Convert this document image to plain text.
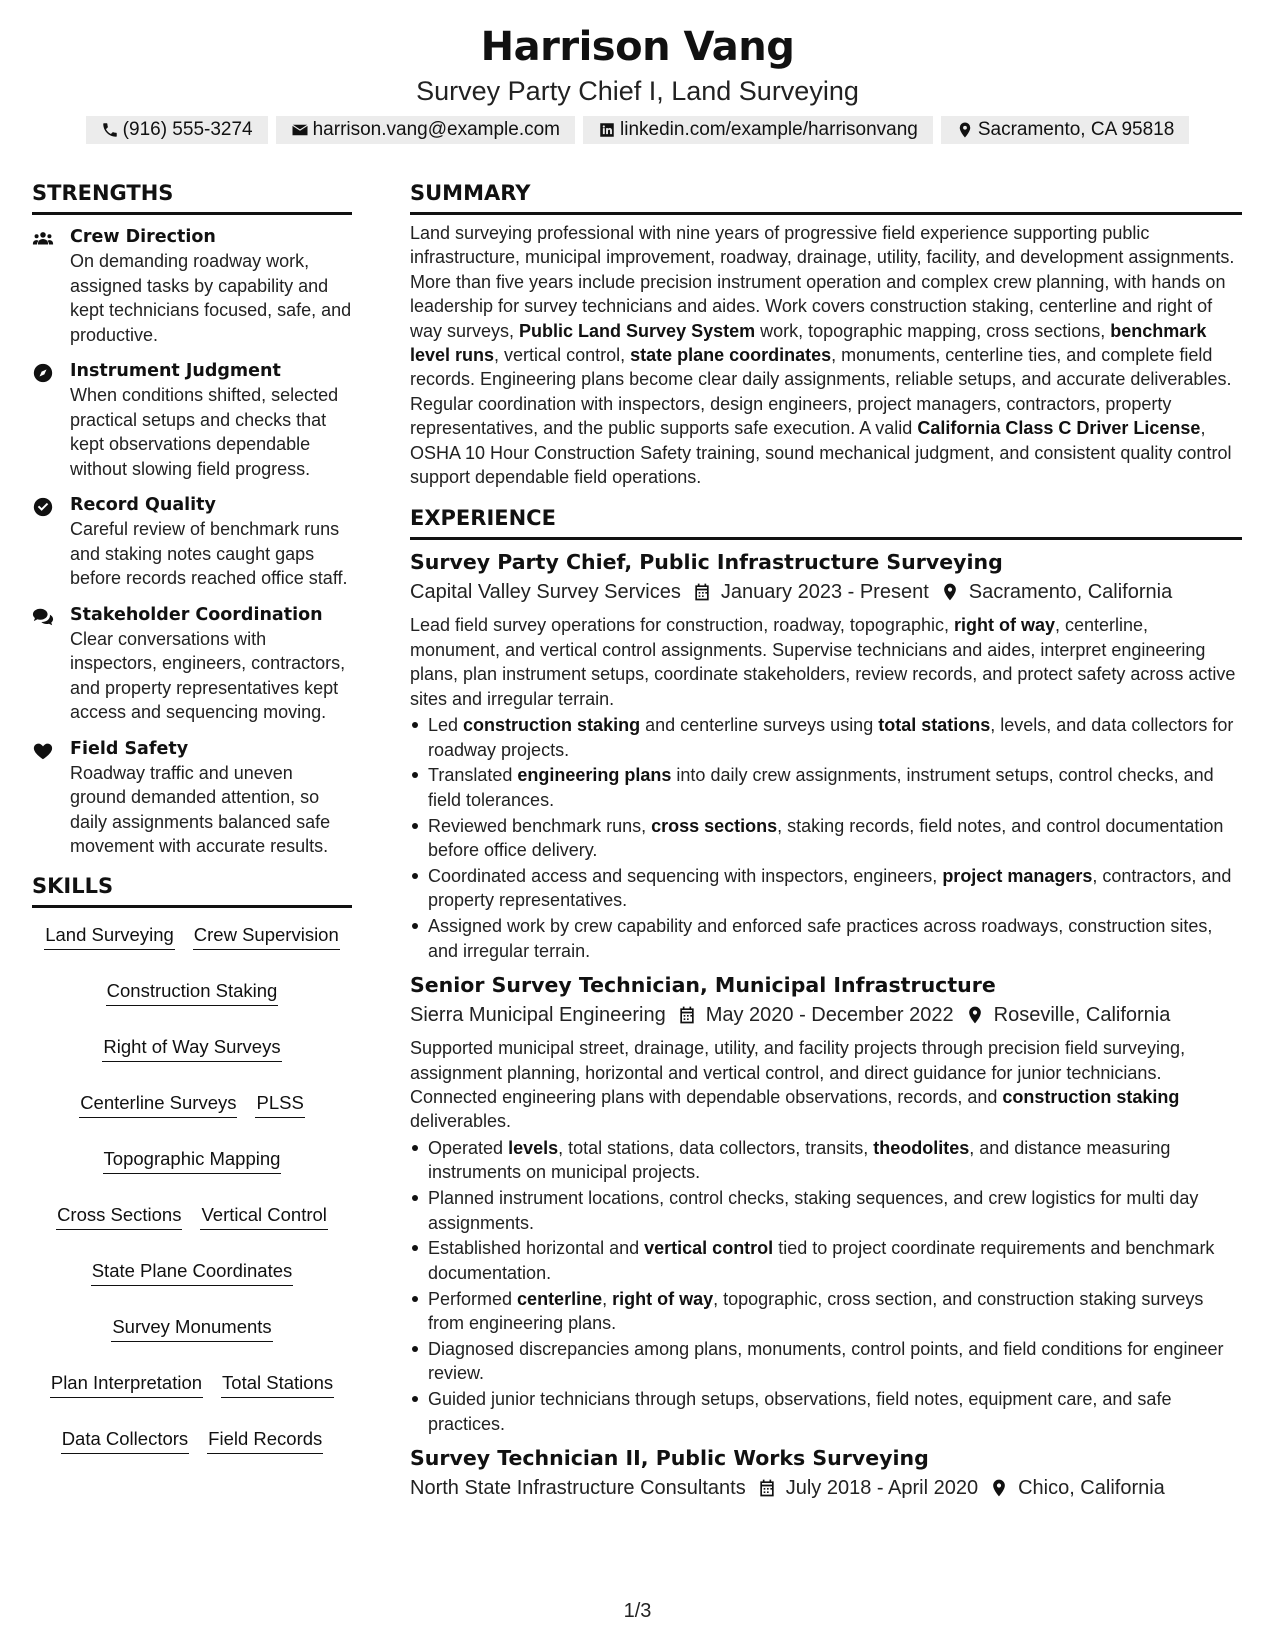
Harrison Vang
Survey Party Chief I, Land Surveying
(916) 555-3274	harrison.vang@example.com	linkedin.com/example/harrisonvang	Sacramento, CA 95818
STRENGTHS
Crew Direction
On demanding roadway work, assigned tasks by capability and kept technicians focused, safe, and productive.
Instrument Judgment
When conditions shifted, selected practical setups and checks that kept observations dependable without slowing field progress.
Record Quality
Careful review of benchmark runs and staking notes caught gaps before records reached office staff.
Stakeholder Coordination
Clear conversations with inspectors, engineers, contractors, and property representatives kept access and sequencing moving.
Field Safety
Roadway traffic and uneven ground demanded attention, so daily assignments balanced safe movement with accurate results.
SKILLS
Land Surveying Crew Supervision
Construction Staking
Right of Way Surveys
Centerline Surveys PLSS
Topographic Mapping
Cross Sections Vertical Control
State Plane Coordinates
Survey Monuments
Plan Interpretation Total Stations
Data Collectors Field Records
SUMMARY
Land surveying professional with nine years of progressive field experience supporting public infrastructure, municipal improvement, roadway, drainage, utility, facility, and development assignments. More than five years include precision instrument operation and complex crew planning, with hands on leadership for survey technicians and aides. Work covers construction staking, centerline and right of way surveys, Public Land Survey System work, topographic mapping, cross sections, benchmark level runs, vertical control, state plane coordinates, monuments, centerline ties, and complete field records. Engineering plans become clear daily assignments, reliable setups, and accurate deliverables. Regular coordination with inspectors, design engineers, project managers, contractors, property representatives, and the public supports safe execution. A valid California Class C Driver License, OSHA 10 Hour Construction Safety training, sound mechanical judgment, and consistent quality control support dependable field operations.
EXPERIENCE
Survey Party Chief, Public Infrastructure Surveying
Capital Valley Survey Services January 2023 - Present Sacramento, California
Lead field survey operations for construction, roadway, topographic, right of way, centerline, monument, and vertical control assignments. Supervise technicians and aides, interpret engineering plans, plan instrument setups, coordinate stakeholders, review records, and protect safety across active sites and irregular terrain.
Led construction staking and centerline surveys using total stations, levels, and data collectors for roadway projects.
Translated engineering plans into daily crew assignments, instrument setups, control checks, and field tolerances.
Reviewed benchmark runs, cross sections, staking records, field notes, and control documentation before office delivery.
Coordinated access and sequencing with inspectors, engineers, project managers, contractors, and property representatives.
Assigned work by crew capability and enforced safe practices across roadways, construction sites, and irregular terrain.
Senior Survey Technician, Municipal Infrastructure
Sierra Municipal Engineering May 2020 - December 2022 Roseville, California
Supported municipal street, drainage, utility, and facility projects through precision field surveying, assignment planning, horizontal and vertical control, and direct guidance for junior technicians. Connected engineering plans with dependable observations, records, and construction staking deliverables.
Operated levels, total stations, data collectors, transits, theodolites, and distance measuring instruments on municipal projects.
Planned instrument locations, control checks, staking sequences, and crew logistics for multi day assignments.
Established horizontal and vertical control tied to project coordinate requirements and benchmark documentation.
Performed centerline, right of way, topographic, cross section, and construction staking surveys from engineering plans.
Diagnosed discrepancies among plans, monuments, control points, and field conditions for engineer review.
Guided junior technicians through setups, observations, field notes, equipment care, and safe practices.
Survey Technician II, Public Works Surveying
North State Infrastructure Consultants July 2018 - April 2020 Chico, California
1/3
